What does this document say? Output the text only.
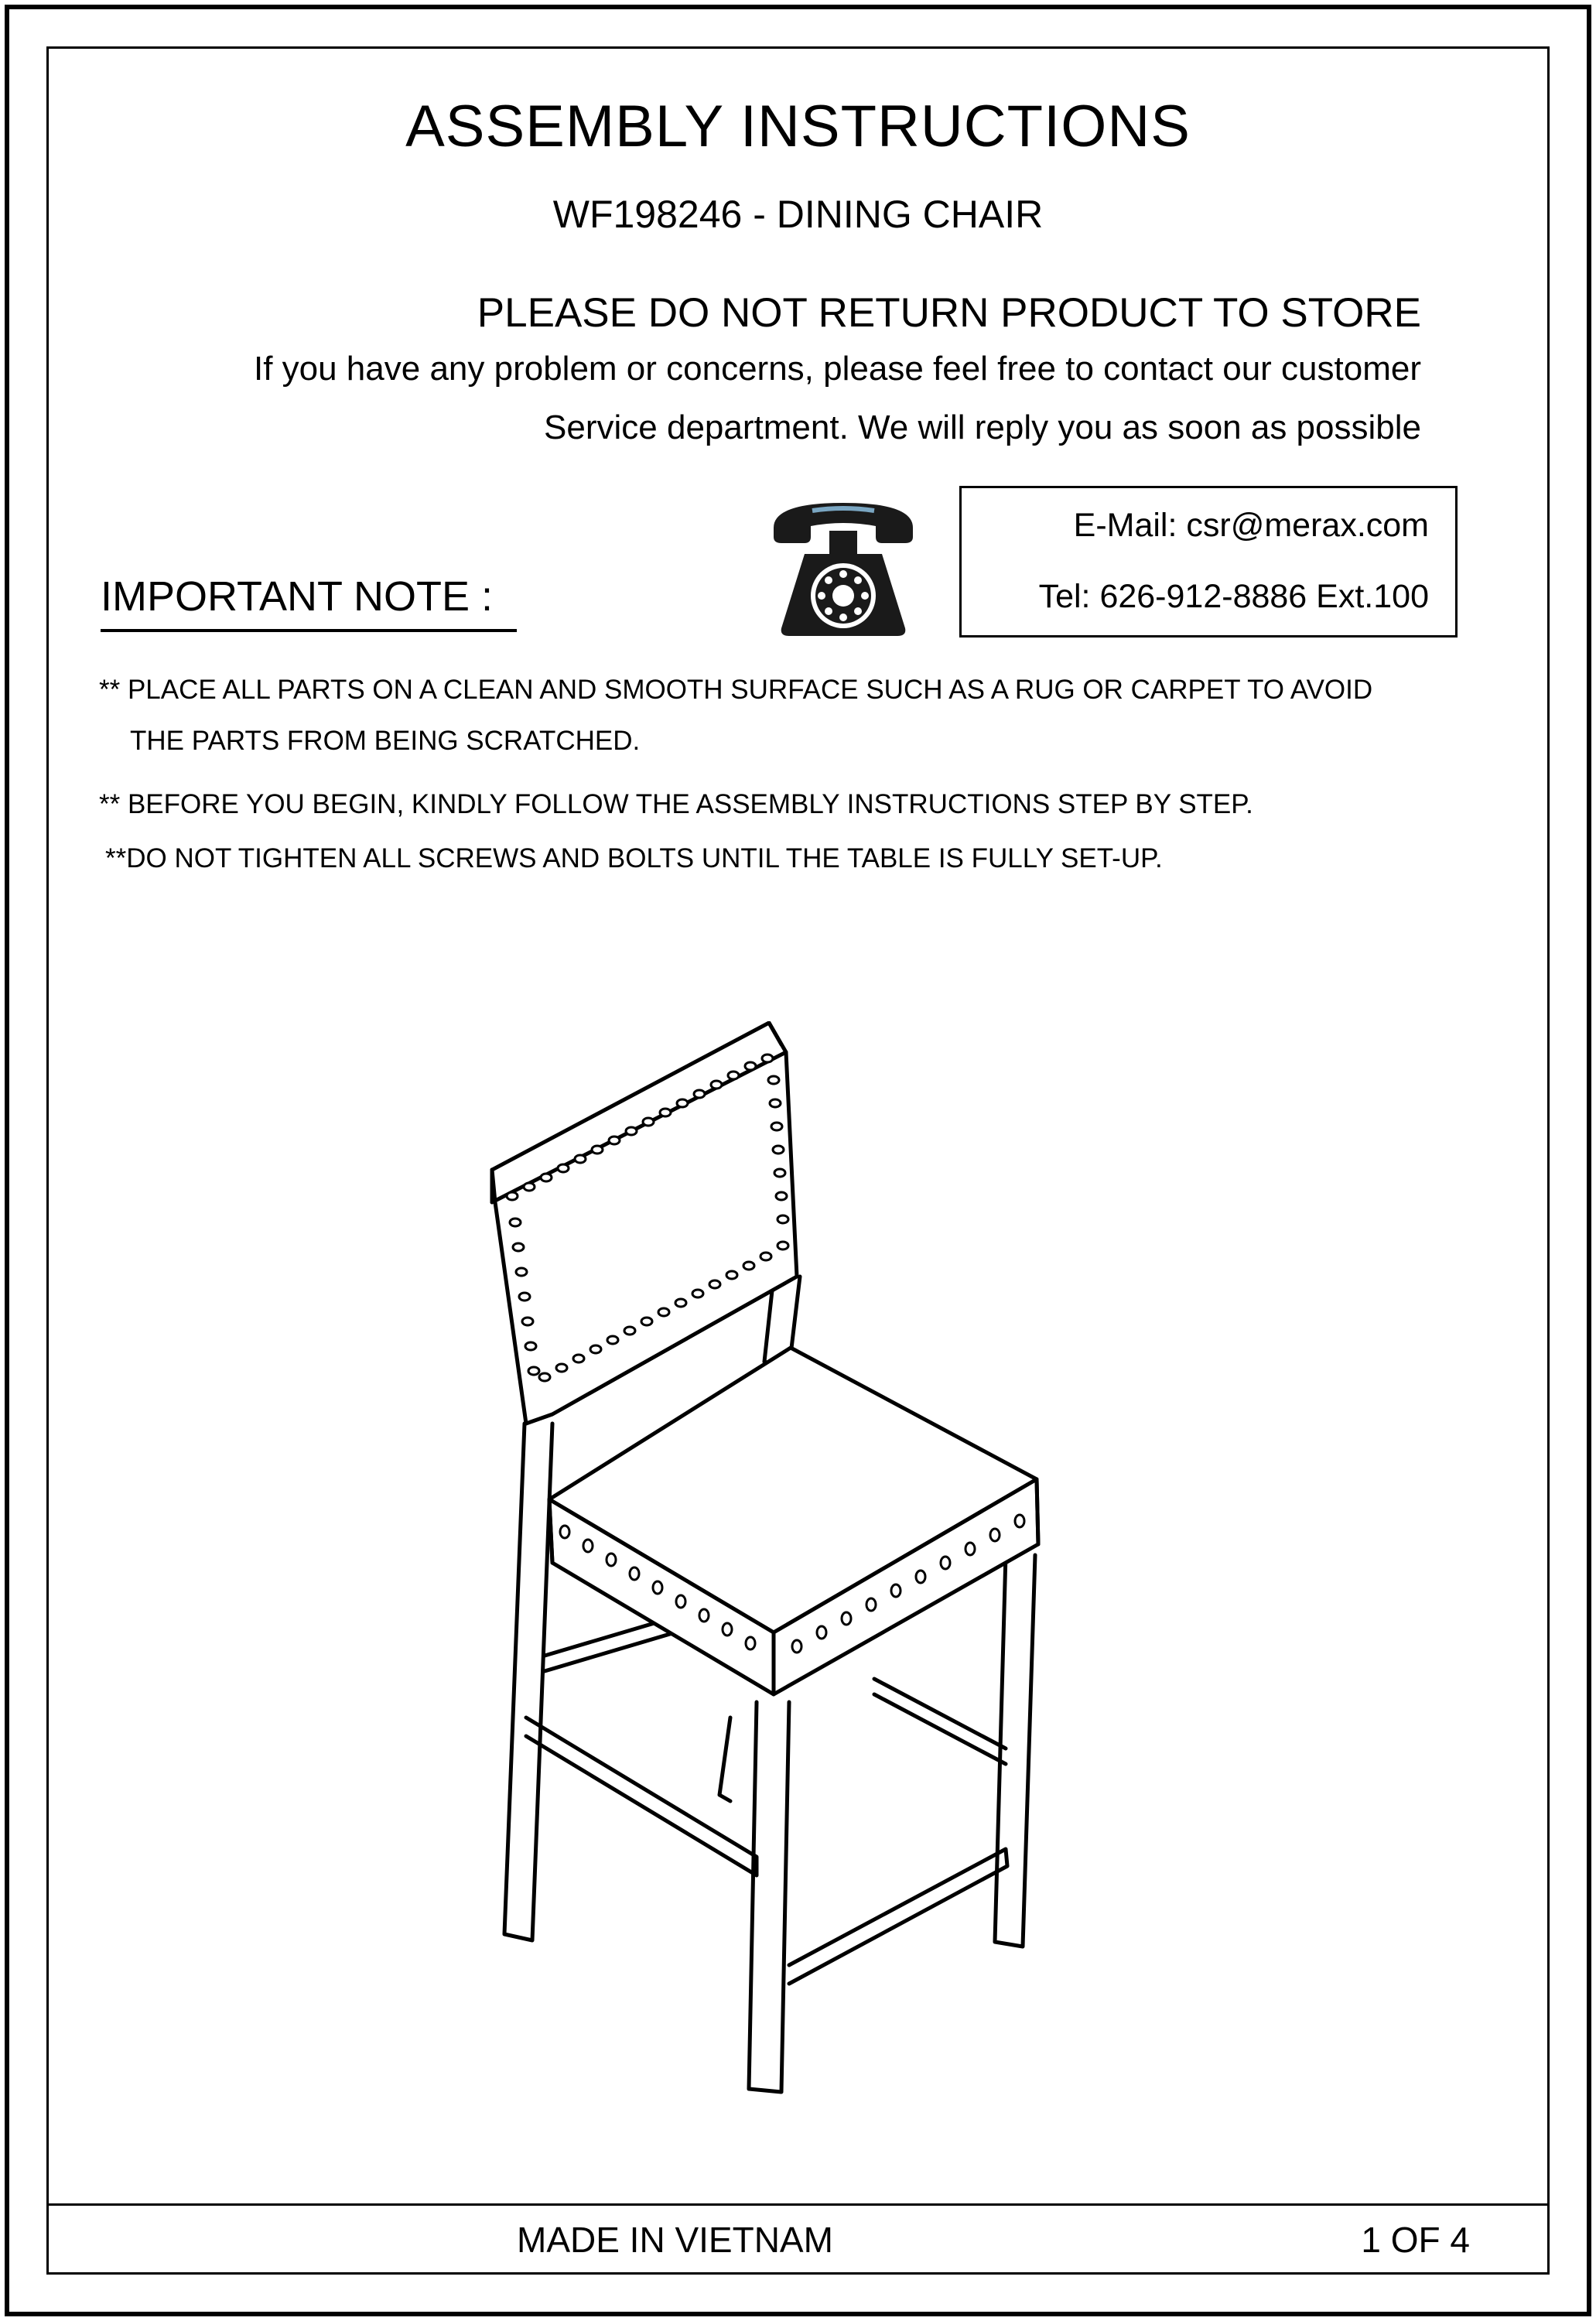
ASSEMBLY INSTRUCTIONS
WF198246 - DINING CHAIR
PLEASE DO NOT RETURN PRODUCT TO STORE
If you have any problem or concerns, please feel free to contact our customer
Service department. We will reply you as soon as possible
IMPORTANT NOTE :
E-Mail: csr@merax.com
Tel: 626-912-8886 Ext.100
** PLACE ALL PARTS ON A CLEAN AND SMOOTH SURFACE SUCH AS A RUG OR CARPET TO AVOID
THE PARTS FROM BEING SCRATCHED.
** BEFORE YOU BEGIN, KINDLY FOLLOW THE ASSEMBLY INSTRUCTIONS STEP BY STEP.
**DO NOT TIGHTEN ALL SCREWS AND BOLTS UNTIL THE TABLE IS FULLY SET-UP.
MADE IN VIETNAM	1 OF 4
